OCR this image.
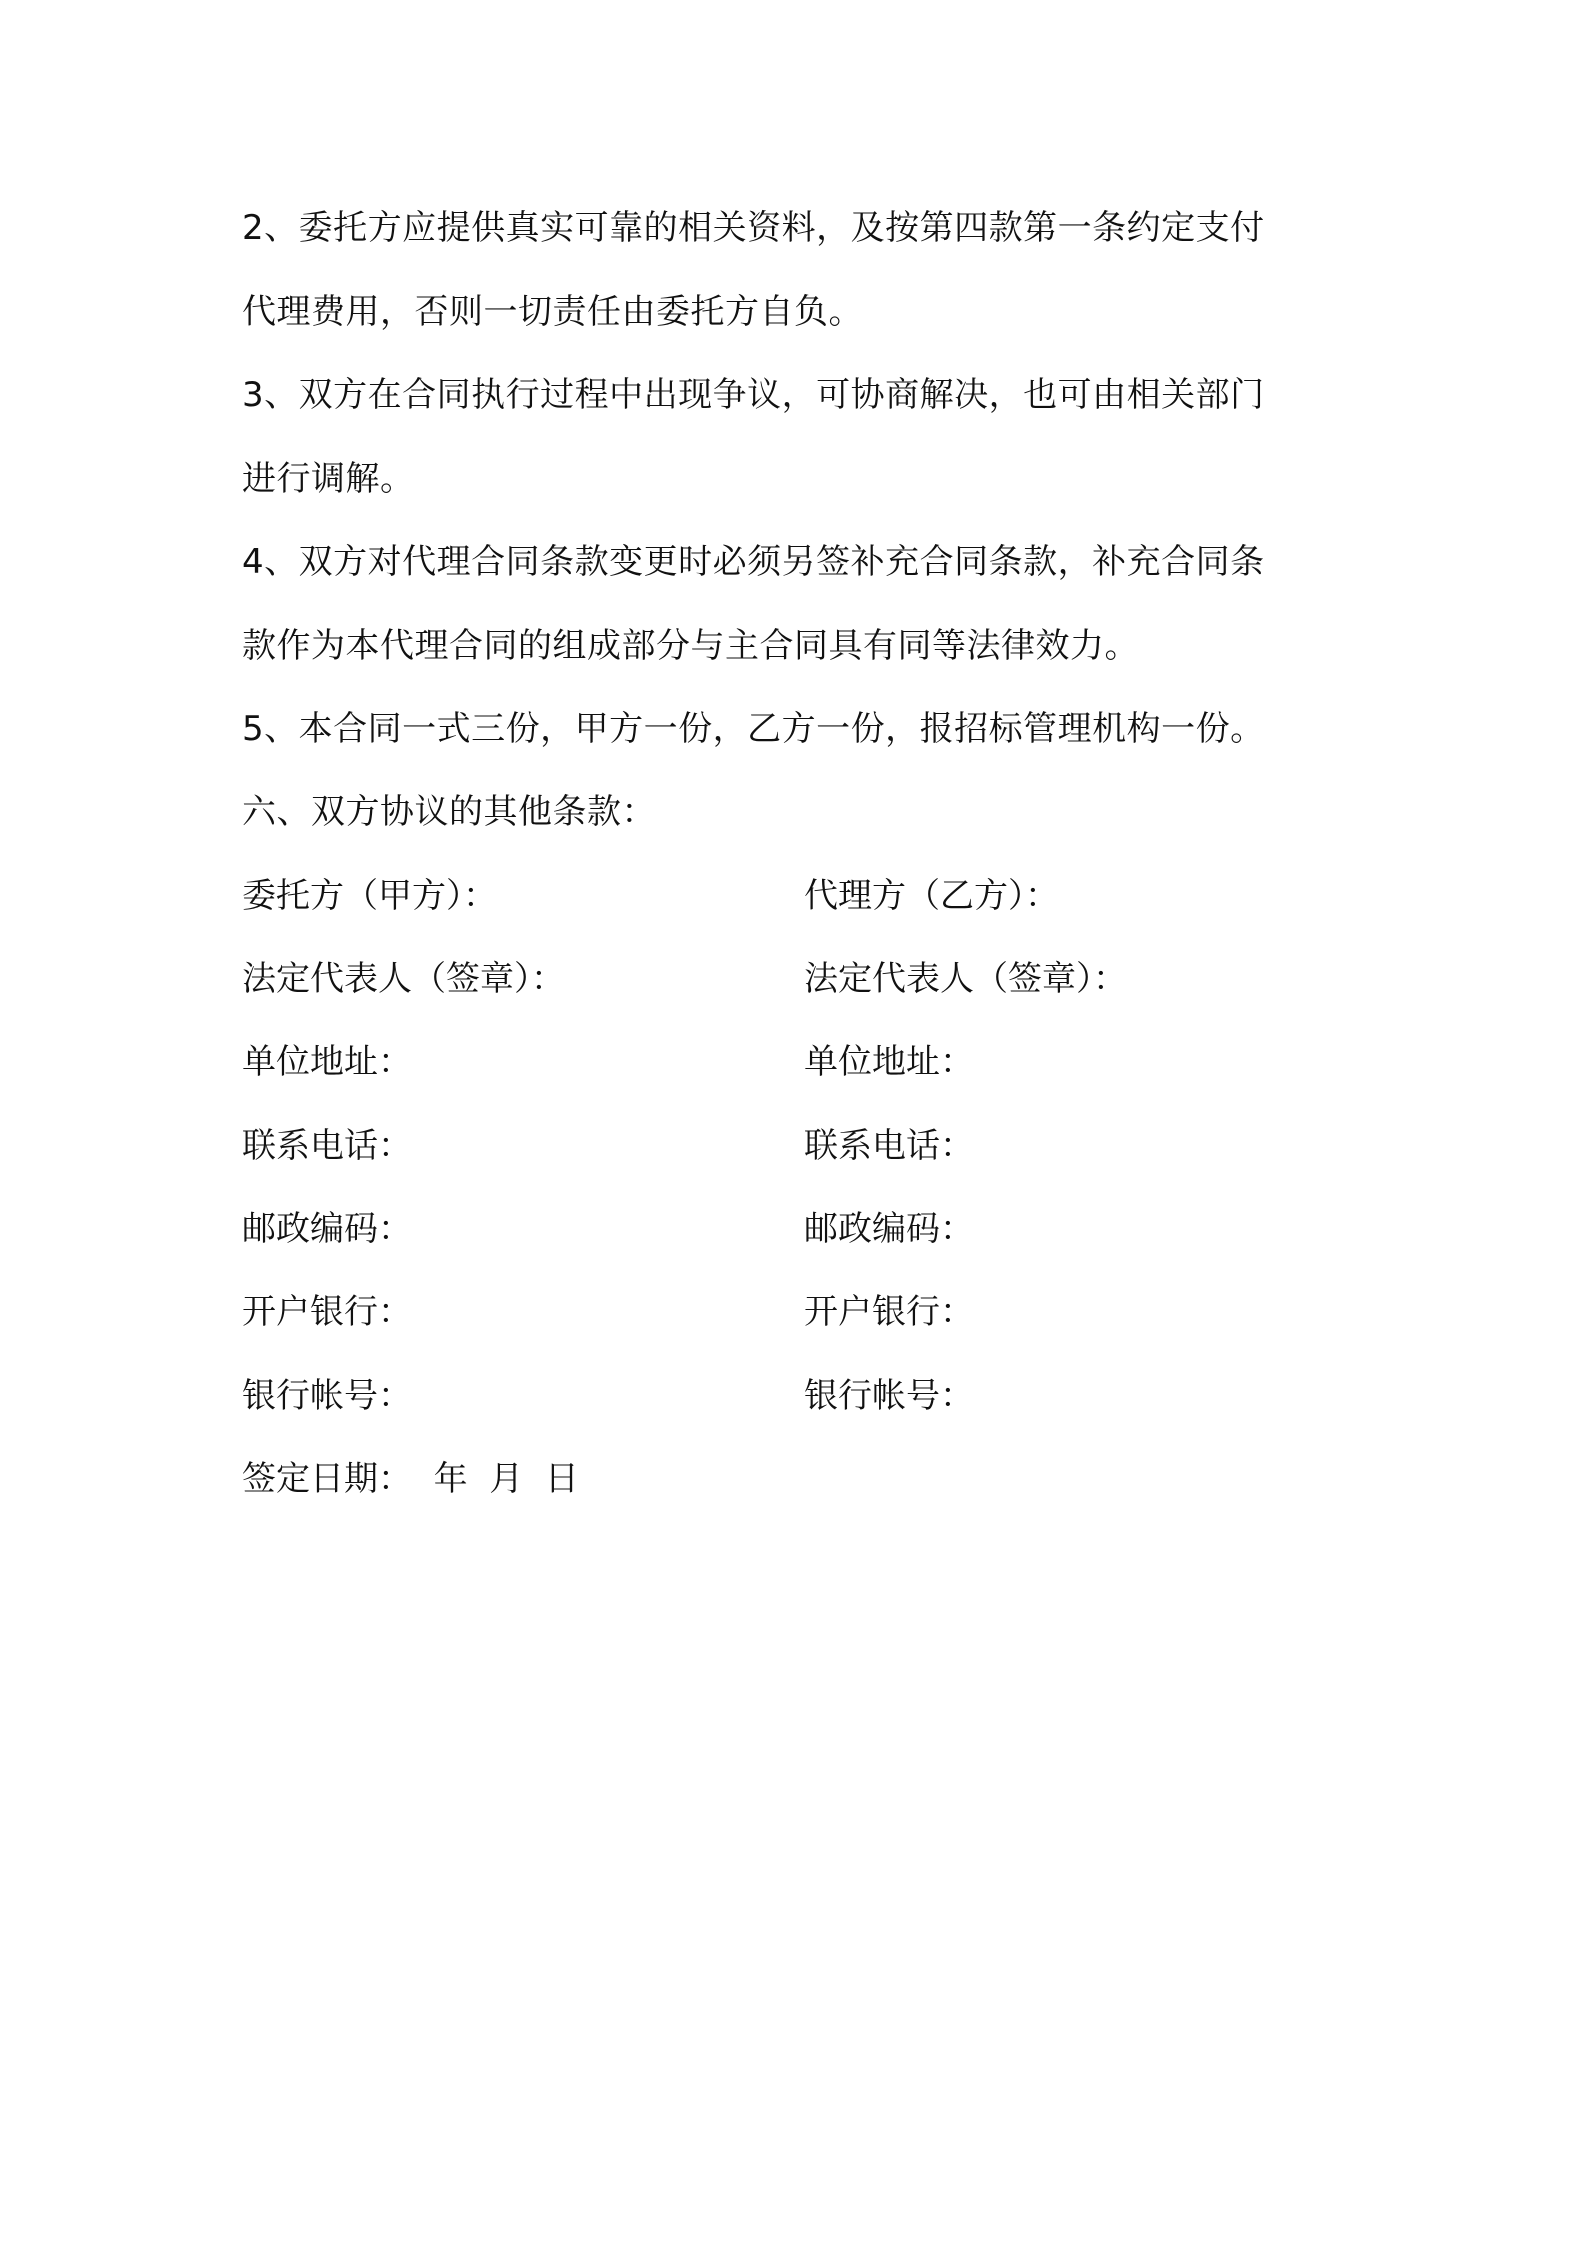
2、委托方应提供真实可靠的相关资料，及按第四款第一条约定支付
代理费用，否则一切责任由委托方自负。
3、双方在合同执行过程中出现争议，可协商解决，也可由相关部门
进行调解。
4、双方对代理合同条款变更时必须另签补充合同条款，补充合同条
款作为本代理合同的组成部分与主合同具有同等法律效力。
5、本合同一式三份，甲方一份，乙方一份，报招标管理机构一份。
六、双方协议的其他条款：
委托方（甲方）：
法定代表人（签章）：
单位地址：
联系电话：
邮政编码：
开户银行：
银行帐号：
代理方（乙方）：
法定代表人（签章）：
单位地址：
联系电话：
邮政编码：
开户银行：
银行帐号：
签定日期：  年  月  日
